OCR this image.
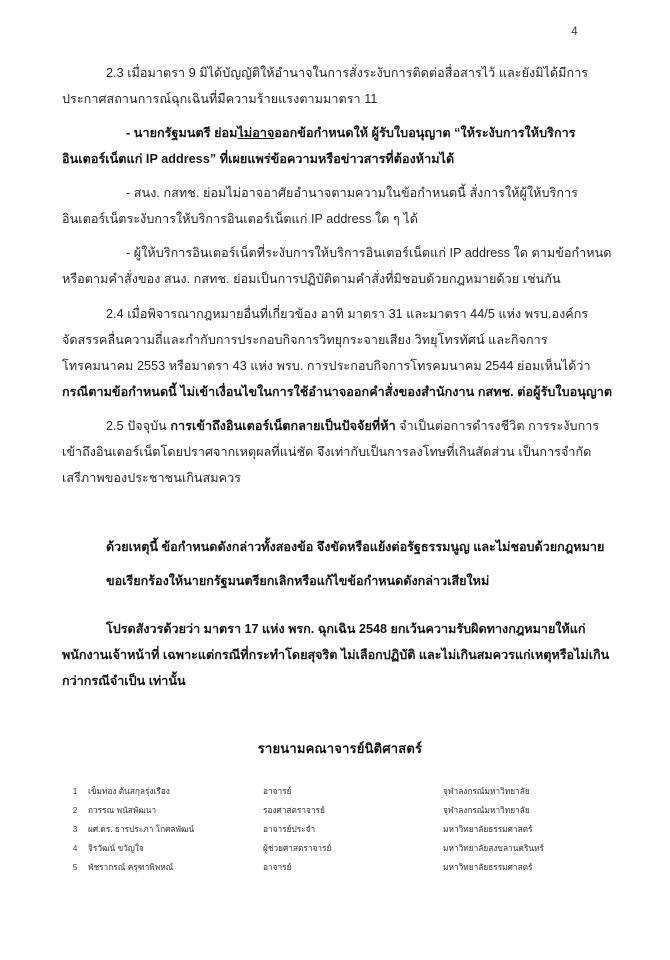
4

2.3 เมื่อมาตรา 9 มิได้บัญญัติให้อำนาจในการสั่งระงับการติดต่อสื่อสารไว้ และยังมิได้มีการประกาศสถานการณ์ฉุกเฉินที่มีความร้ายแรงตามมาตรา 11

- นายกรัฐมนตรี ย่อมไม่อาจออกข้อกำหนดให้ ผู้รับใบอนุญาต “ให้ระงับการให้บริการอินเตอร์เน็ตแก่ IP address” ที่เผยแพร่ข้อความหรือข่าวสารที่ต้องห้ามได้

- สนง. กสทช. ย่อมไม่อาจอาศัยอำนาจตามความในข้อกำหนดนี้ สั่งการให้ผู้ให้บริการอินเตอร์เน็ตระงับการให้บริการอินเตอร์เน็ตแก่ IP address ใด ๆ ได้

- ผู้ให้บริการอินเตอร์เน็ตที่ระงับการให้บริการอินเตอร์เน็ตแก่ IP address ใด ตามข้อกำหนดหรือตามคำสั่งของ สนง. กสทช. ย่อมเป็นการปฏิบัติตามคำสั่งที่มิชอบด้วยกฎหมายด้วย เช่นกัน

2.4 เมื่อพิจารณากฎหมายอื่นที่เกี่ยวข้อง อาทิ มาตรา 31 และมาตรา 44/5 แห่ง พรบ.องค์กรจัดสรรคลื่นความถี่และกำกับการประกอบกิจการวิทยุกระจายเสียง วิทยุโทรทัศน์ และกิจการโทรคมนาคม 2553 หรือมาตรา 43 แห่ง พรบ. การประกอบกิจการโทรคมนาคม 2544 ย่อมเห็นได้ว่า กรณีตามข้อกำหนดนี้ ไม่เข้าเงื่อนไขในการใช้อำนาจออกคำสั่งของสำนักงาน กสทช. ต่อผู้รับใบอนุญาต

2.5 ปัจจุบัน การเข้าถึงอินเตอร์เน็ตกลายเป็นปัจจัยที่ห้า จำเป็นต่อการดำรงชีวิต การระงับการเข้าถึงอินเตอร์เน็ตโดยปราศจากเหตุผลที่แน่ชัด จึงเท่ากับเป็นการลงโทษที่เกินสัดส่วน เป็นการจำกัดเสรีภาพของประชาชนเกินสมควร

ด้วยเหตุนี้ ข้อกำหนดดังกล่าวทั้งสองข้อ จึงขัดหรือแย้งต่อรัฐธรรมนูญ และไม่ชอบด้วยกฎหมาย

ขอเรียกร้องให้นายกรัฐมนตรียกเลิกหรือแก้ไขข้อกำหนดดังกล่าวเสียใหม่

โปรดสังวรด้วยว่า มาตรา 17 แห่ง พรก. ฉุกเฉิน 2548 ยกเว้นความรับผิดทางกฎหมายให้แก่พนักงานเจ้าหน้าที่ เฉพาะแต่กรณีที่กระทำโดยสุจริต ไม่เลือกปฏิบัติ และไม่เกินสมควรแก่เหตุหรือไม่เกินกว่ากรณีจำเป็น เท่านั้น

รายนามคณาจารย์นิติศาสตร์
1	เข็มทอง ต้นสกุลรุ่งเรือง	อาจารย์	จุฬาลงกรณ์มหาวิทยาลัย
2	ถวรรณ พนัสพัฒนา	รองศาสตราจารย์	จุฬาลงกรณ์มหาวิทยาลัย
3	ผศ.ดร. ธารประภา โกศลพัฒน์	อาจารย์ประจำ	มหาวิทยาลัยธรรมศาสตร์
4	จิรวัฒน์ ขวัญใจ	ผู้ช่วยศาสตราจารย์	มหาวิทยาลัยสงขลานครินทร์
5	พัชรากรณ์ ครุฑาพิพหณ์	อาจารย์	มหาวิทยาลัยธรรมศาสตร์
